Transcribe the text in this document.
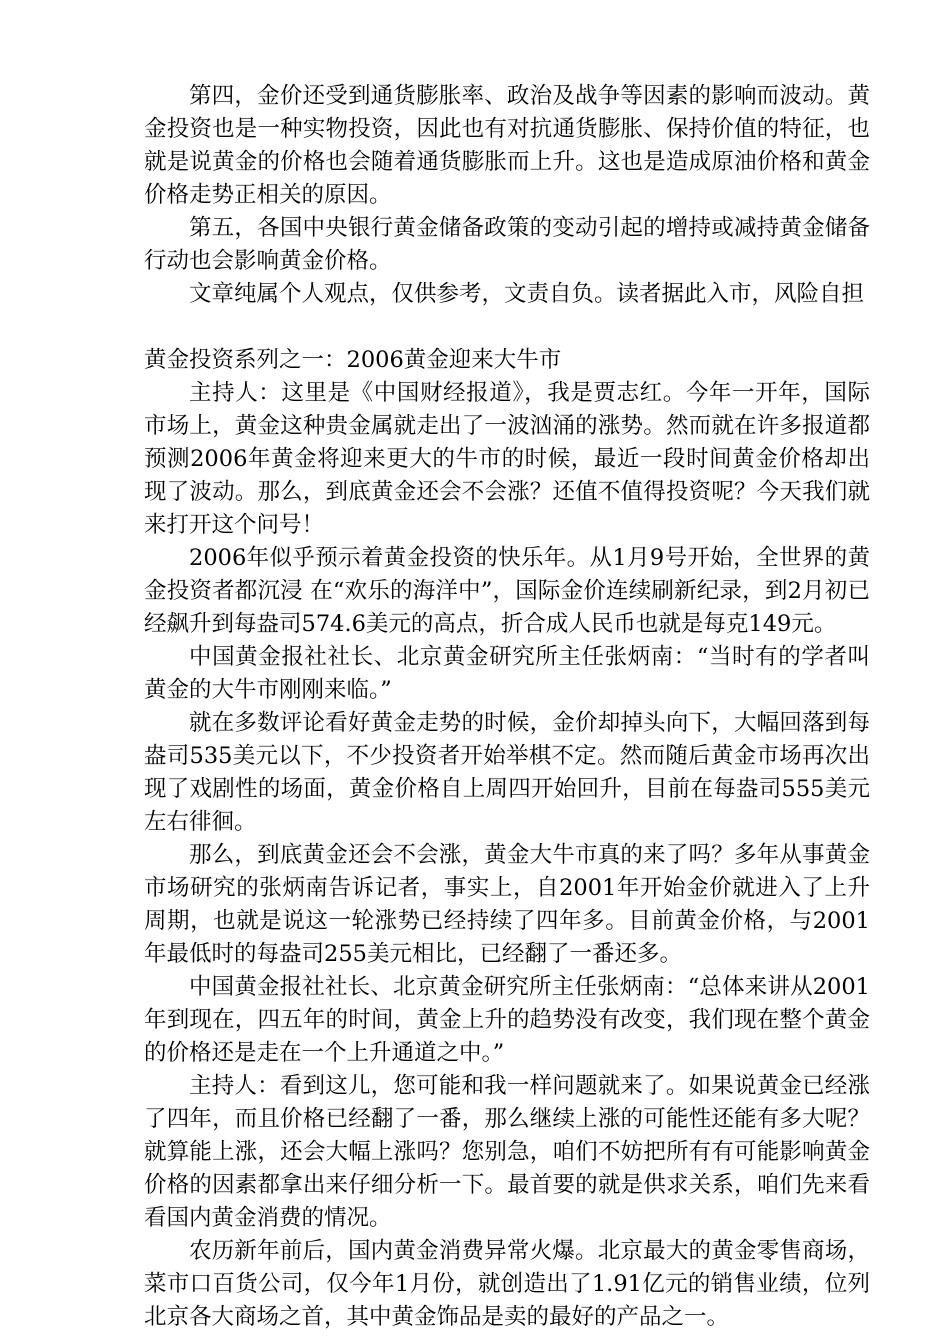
第四，金价还受到通货膨胀率、政治及战争等因素的影响而波动。黄金投资也是一种实物投资，因此也有对抗通货膨胀、保持价值的特征，也就是说黄金的价格也会随着通货膨胀而上升。这也是造成原油价格和黄金价格走势正相关的原因。

第五，各国中央银行黄金储备政策的变动引起的增持或减持黄金储备行动也会影响黄金价格。

文章纯属个人观点，仅供参考，文责自负。读者据此入市，风险自担

黄金投资系列之一：2006黄金迎来大牛市

主持人：这里是《中国财经报道》，我是贾志红。今年一开年，国际市场上，黄金这种贵金属就走出了一波汹涌的涨势。然而就在许多报道都预测2006年黄金将迎来更大的牛市的时候，最近一段时间黄金价格却出现了波动。那么，到底黄金还会不会涨？还值不值得投资呢？今天我们就来打开这个问号！

2006年似乎预示着黄金投资的快乐年。从1月9号开始，全世界的黄金投资者都沉浸 在“欢乐的海洋中”，国际金价连续刷新纪录，到2月初已经飙升到每盎司574.6美元的高点，折合成人民币也就是每克149元。

中国黄金报社社长、北京黄金研究所主任张炳南：“当时有的学者叫黄金的大牛市刚刚来临。”

就在多数评论看好黄金走势的时候，金价却掉头向下，大幅回落到每盎司535美元以下，不少投资者开始举棋不定。然而随后黄金市场再次出现了戏剧性的场面，黄金价格自上周四开始回升，目前在每盎司555美元左右徘徊。

那么，到底黄金还会不会涨，黄金大牛市真的来了吗？多年从事黄金市场研究的张炳南告诉记者，事实上，自2001年开始金价就进入了上升周期，也就是说这一轮涨势已经持续了四年多。目前黄金价格，与2001年最低时的每盎司255美元相比，已经翻了一番还多。

中国黄金报社社长、北京黄金研究所主任张炳南：“总体来讲从2001年到现在，四五年的时间，黄金上升的趋势没有改变，我们现在整个黄金的价格还是走在一个上升通道之中。”

主持人：看到这儿，您可能和我一样问题就来了。如果说黄金已经涨了四年，而且价格已经翻了一番，那么继续上涨的可能性还能有多大呢？就算能上涨，还会大幅上涨吗？您别急，咱们不妨把所有有可能影响黄金价格的因素都拿出来仔细分析一下。最首要的就是供求关系，咱们先来看看国内黄金消费的情况。

农历新年前后，国内黄金消费异常火爆。北京最大的黄金零售商场，菜市口百货公司，仅今年1月份，就创造出了1.91亿元的销售业绩，位列北京各大商场之首，其中黄金饰品是卖的最好的产品之一。
